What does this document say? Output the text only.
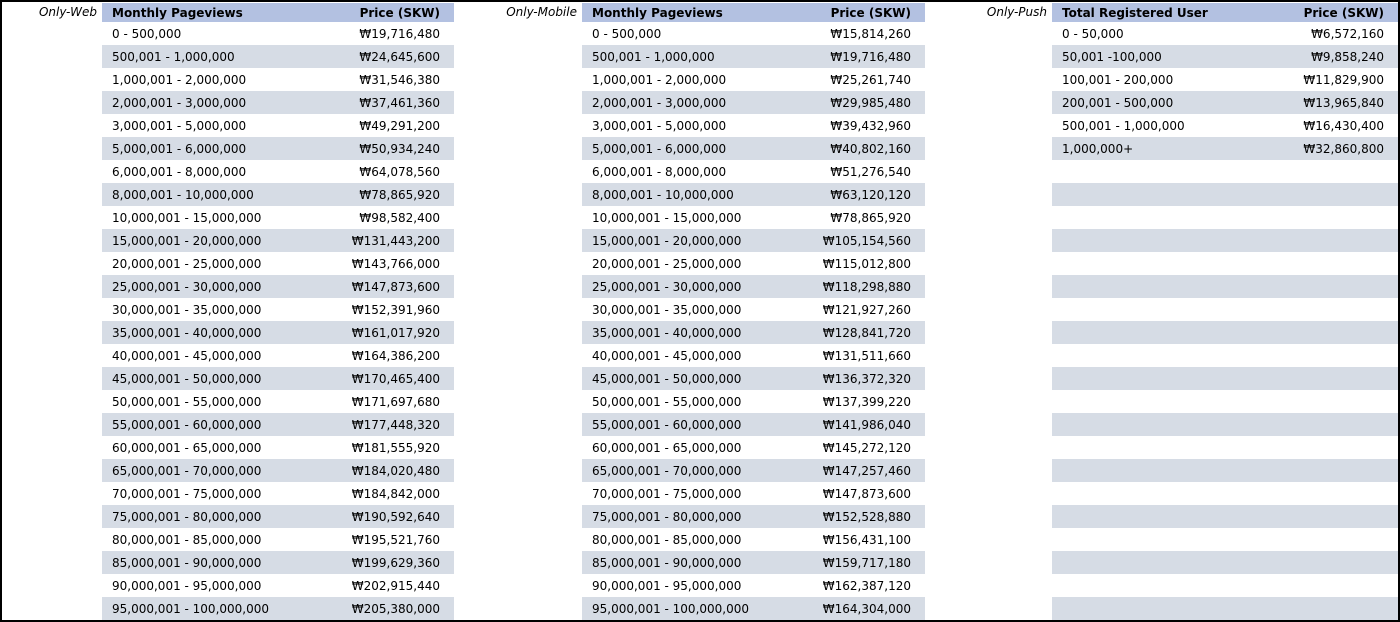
Only-Web	Monthly Pageviews	Price (SKW)
0 - 500,000	₩19,716,480
500,001 - 1,000,000	₩24,645,600
1,000,001 - 2,000,000	₩31,546,380
2,000,001 - 3,000,000	₩37,461,360
3,000,001 - 5,000,000	₩49,291,200
5,000,001 - 6,000,000	₩50,934,240
6,000,001 - 8,000,000	₩64,078,560
8,000,001 - 10,000,000	₩78,865,920
10,000,001 - 15,000,000	₩98,582,400
15,000,001 - 20,000,000	₩131,443,200
20,000,001 - 25,000,000	₩143,766,000
25,000,001 - 30,000,000	₩147,873,600
30,000,001 - 35,000,000	₩152,391,960
35,000,001 - 40,000,000	₩161,017,920
40,000,001 - 45,000,000	₩164,386,200
45,000,001 - 50,000,000	₩170,465,400
50,000,001 - 55,000,000	₩171,697,680
55,000,001 - 60,000,000	₩177,448,320
60,000,001 - 65,000,000	₩181,555,920
65,000,001 - 70,000,000	₩184,020,480
70,000,001 - 75,000,000	₩184,842,000
75,000,001 - 80,000,000	₩190,592,640
80,000,001 - 85,000,000	₩195,521,760
85,000,001 - 90,000,000	₩199,629,360
90,000,001 - 95,000,000	₩202,915,440
95,000,001 - 100,000,000	₩205,380,000
Only-Mobile	Monthly Pageviews	Price (SKW)
0 - 500,000	₩15,814,260
500,001 - 1,000,000	₩19,716,480
1,000,001 - 2,000,000	₩25,261,740
2,000,001 - 3,000,000	₩29,985,480
3,000,001 - 5,000,000	₩39,432,960
5,000,001 - 6,000,000	₩40,802,160
6,000,001 - 8,000,000	₩51,276,540
8,000,001 - 10,000,000	₩63,120,120
10,000,001 - 15,000,000	₩78,865,920
15,000,001 - 20,000,000	₩105,154,560
20,000,001 - 25,000,000	₩115,012,800
25,000,001 - 30,000,000	₩118,298,880
30,000,001 - 35,000,000	₩121,927,260
35,000,001 - 40,000,000	₩128,841,720
40,000,001 - 45,000,000	₩131,511,660
45,000,001 - 50,000,000	₩136,372,320
50,000,001 - 55,000,000	₩137,399,220
55,000,001 - 60,000,000	₩141,986,040
60,000,001 - 65,000,000	₩145,272,120
65,000,001 - 70,000,000	₩147,257,460
70,000,001 - 75,000,000	₩147,873,600
75,000,001 - 80,000,000	₩152,528,880
80,000,001 - 85,000,000	₩156,431,100
85,000,001 - 90,000,000	₩159,717,180
90,000,001 - 95,000,000	₩162,387,120
95,000,001 - 100,000,000	₩164,304,000
Only-Push	Total Registered User	Price (SKW)
0 - 50,000	₩6,572,160
50,001 -100,000	₩9,858,240
100,001 - 200,000	₩11,829,900
200,001 - 500,000	₩13,965,840
500,001 - 1,000,000	₩16,430,400
1,000,000+	₩32,860,800
